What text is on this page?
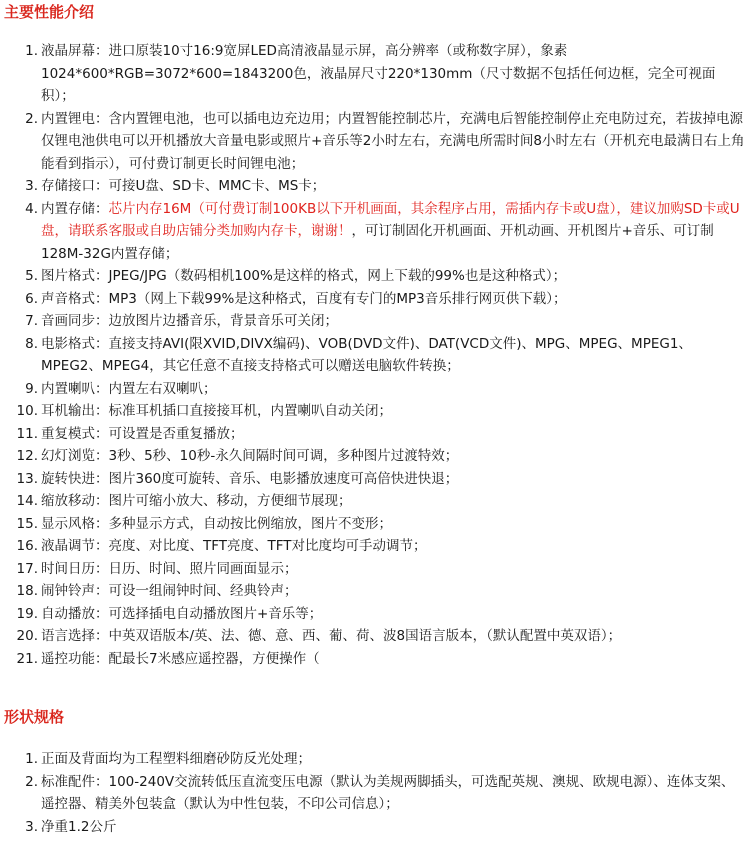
主要性能介绍
1. 液晶屏幕：进口原装10寸16:9宽屏LED高清液晶显示屏，高分辨率（或称数字屏），象素1024*600*RGB=3072*600=1843200色，液晶屏尺寸220*130mm（尺寸数据不包括任何边框，完全可视面积）；
2. 内置锂电：含内置锂电池，也可以插电边充边用；内置智能控制芯片，充满电后智能控制停止充电防过充，若拔掉电源仅锂电池供电可以开机播放大音量电影或照片+音乐等2小时左右，充满电所需时间8小时左右（开机充电最满日右上角能看到指示），可付费订制更长时间锂电池；
3. 存储接口：可接U盘、SD卡、MMC卡、MS卡；
4. 内置存储：芯片内存16M（可付费订制100KB以下开机画面，其余程序占用，需插内存卡或U盘），建议加购SD卡或U盘，请联系客服或自助店铺分类加购内存卡，谢谢！，可订制固化开机画面、开机动画、开机图片+音乐、可订制128M-32G内置存储；
5. 图片格式：JPEG/JPG（数码相机100%是这样的格式，网上下载的99%也是这种格式）；
6. 声音格式：MP3（网上下载99%是这种格式，百度有专门的MP3音乐排行网页供下载）；
7. 音画同步：边放图片边播音乐，背景音乐可关闭；
8. 电影格式：直接支持AVI(限XVID,DIVX编码)、VOB(DVD文件)、DAT(VCD文件)、MPG、MPEG、MPEG1、MPEG2、MPEG4，其它任意不直接支持格式可以赠送电脑软件转换；
9. 内置喇叭：内置左右双喇叭；
10. 耳机输出：标准耳机插口直接接耳机，内置喇叭自动关闭；
11. 重复模式：可设置是否重复播放；
12. 幻灯浏览：3秒、5秒、10秒-永久间隔时间可调，多种图片过渡特效；
13. 旋转快进：图片360度可旋转、音乐、电影播放速度可高倍快进快退；
14. 缩放移动：图片可缩小放大、移动，方便细节展现；
15. 显示风格：多种显示方式，自动按比例缩放，图片不变形；
16. 液晶调节：亮度、对比度、TFT亮度、TFT对比度均可手动调节；
17. 时间日历：日历、时间、照片同画面显示；
18. 闹钟铃声：可设一组闹钟时间、经典铃声；
19. 自动播放：可选择插电自动播放图片+音乐等；
20. 语言选择：中英双语版本/英、法、德、意、西、葡、荷、波8国语言版本，（默认配置中英双语）；
21. 遥控功能：配最长7米感应遥控器，方便操作（
形状规格
1. 正面及背面均为工程塑料细磨砂防反光处理；
2. 标准配件：100-240V交流转低压直流变压电源（默认为美规两脚插头，可选配英规、澳规、欧规电源）、连体支架、遥控器、精美外包装盒（默认为中性包装，不印公司信息）；
3. 净重1.2公斤
